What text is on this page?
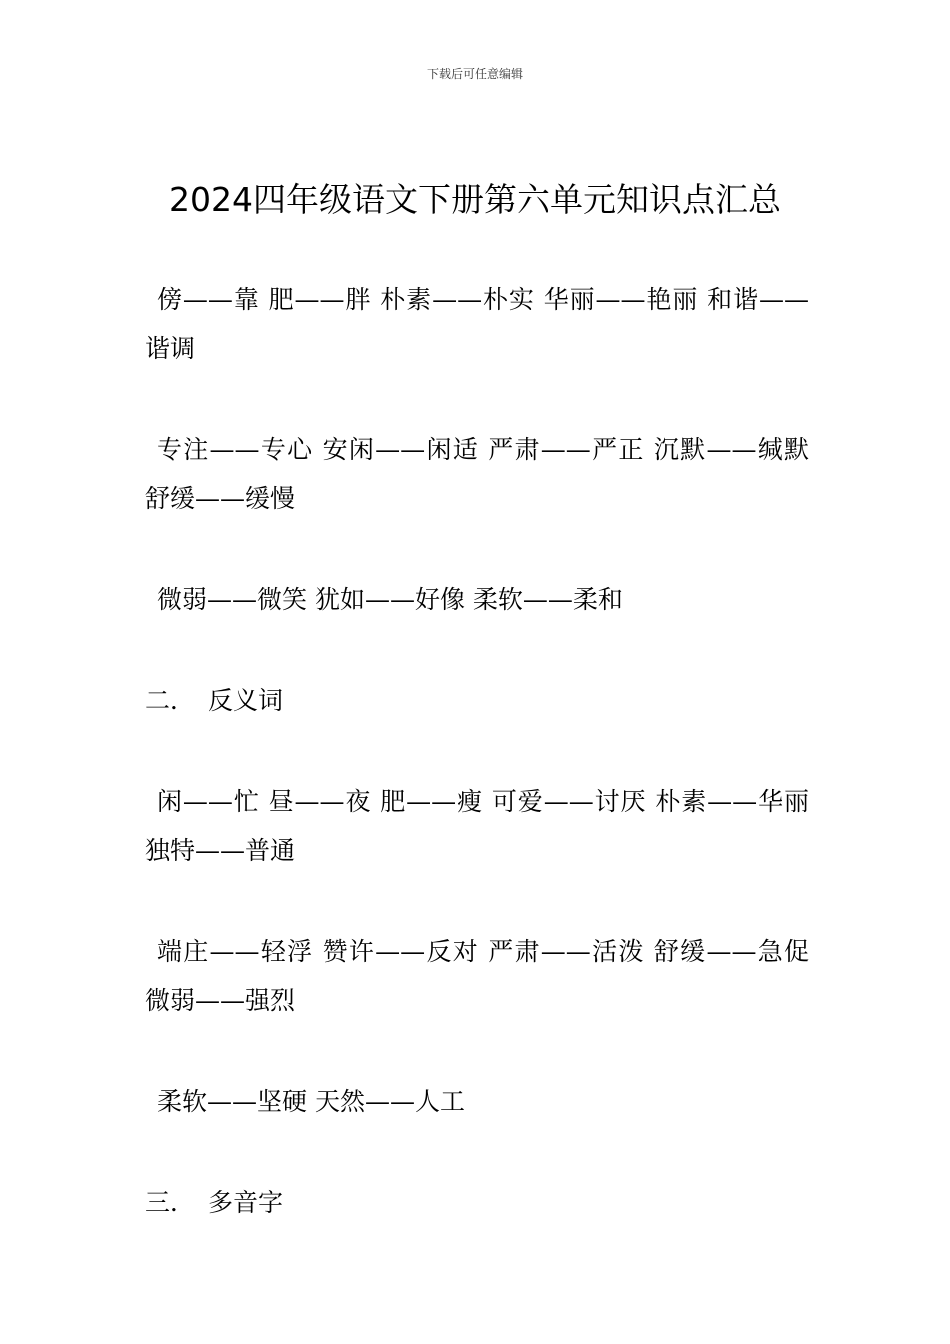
下载后可任意编辑
2024四年级语文下册第六单元知识点汇总

傍——靠 肥——胖 朴素——朴实 华丽——艳丽 和谐——谐调

专注——专心 安闲——闲适 严肃——严正 沉默——缄默 舒缓——缓慢

微弱——微笑 犹如——好像 柔软——柔和

二． 反义词

闲——忙 昼——夜 肥——瘦 可爱——讨厌 朴素——华丽 独特——普通

端庄——轻浮 赞许——反对 严肃——活泼 舒缓——急促 微弱——强烈

柔软——坚硬 天然——人工

三． 多音字
